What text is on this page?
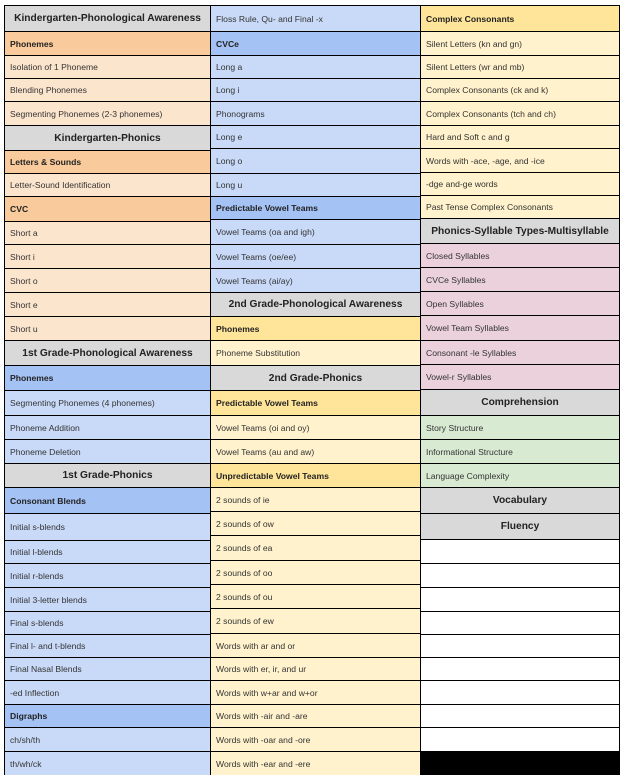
Kindergarten-Phonological Awareness
Phonemes
Isolation of 1 Phoneme
Blending Phonemes
Segmenting Phonemes (2-3 phonemes)
Kindergarten-Phonics
Letters & Sounds
Letter-Sound Identification
CVC
Short a
Short i
Short o
Short e
Short u
1st Grade-Phonological Awareness
Phonemes
Segmenting Phonemes (4 phonemes)
Phoneme Addition
Phoneme Deletion
1st Grade-Phonics
Consonant Blends
Initial s-blends
Initial l-blends
Initial r-blends
Initial 3-letter blends
Final s-blends
Final l- and t-blends
Final Nasal Blends
-ed Inflection
Digraphs
ch/sh/th
th/wh/ck
Floss Rule, Qu- and Final -x
CVCe
Long a
Long i
Phonograms
Long e
Long o
Long u
Predictable Vowel Teams
Vowel Teams (oa and igh)
Vowel Teams (oe/ee)
Vowel Teams (ai/ay)
2nd Grade-Phonological Awareness
Phonemes
Phoneme Substitution
2nd Grade-Phonics
Predictable Vowel Teams
Vowel Teams (oi and oy)
Vowel Teams (au and aw)
Unpredictable Vowel Teams
2 sounds of ie
2 sounds of ow
2 sounds of ea
2 sounds of oo
2 sounds of ou
2 sounds of ew
Words with ar and or
Words with er, ir, and ur
Words with w+ar and w+or
Words with -air and -are
Words with -oar and -ore
Words with -ear and -ere
Complex Consonants
Silent Letters (kn and gn)
Silent Letters (wr and mb)
Complex Consonants (ck and k)
Complex Consonants (tch and ch)
Hard and Soft c and g
Words with -ace, -age, and -ice
-dge and-ge words
Past Tense Complex Consonants
Phonics-Syllable Types-Multisyllable
Closed Syllables
CVCe Syllables
Open Syllables
Vowel Team Syllables
Consonant -le Syllables
Vowel-r Syllables
Comprehension
Story Structure
Informational Structure
Language Complexity
Vocabulary
Fluency
